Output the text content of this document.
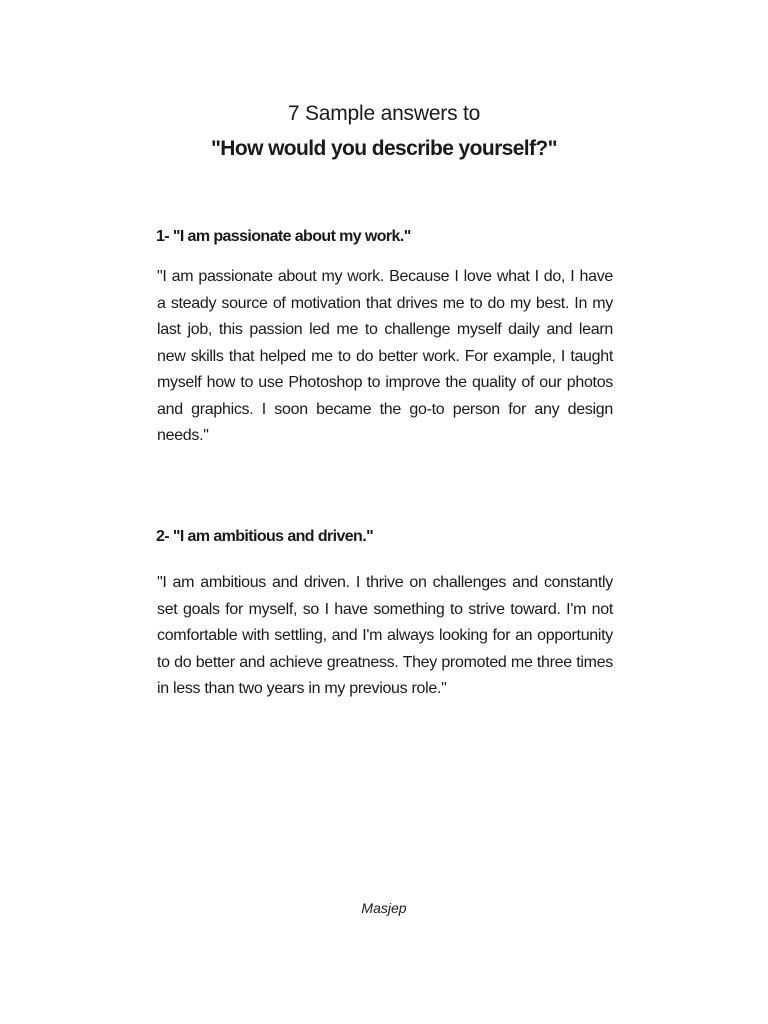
7 Sample answers to
"How would you describe yourself?"
1- "I am passionate about my work."
"I am passionate about my work. Because I love what I do, I have a steady source of motivation that drives me to do my best. In my last job, this passion led me to challenge myself daily and learn new skills that helped me to do better work. For example, I taught myself how to use Photoshop to improve the quality of our photos and graphics. I soon became the go-to person for any design needs."
2- "I am ambitious and driven."
"I am ambitious and driven. I thrive on challenges and constantly set goals for myself, so I have something to strive toward. I'm not comfortable with settling, and I'm always looking for an opportunity to do better and achieve greatness. They promoted me three times in less than two years in my previous role."
Masjep
